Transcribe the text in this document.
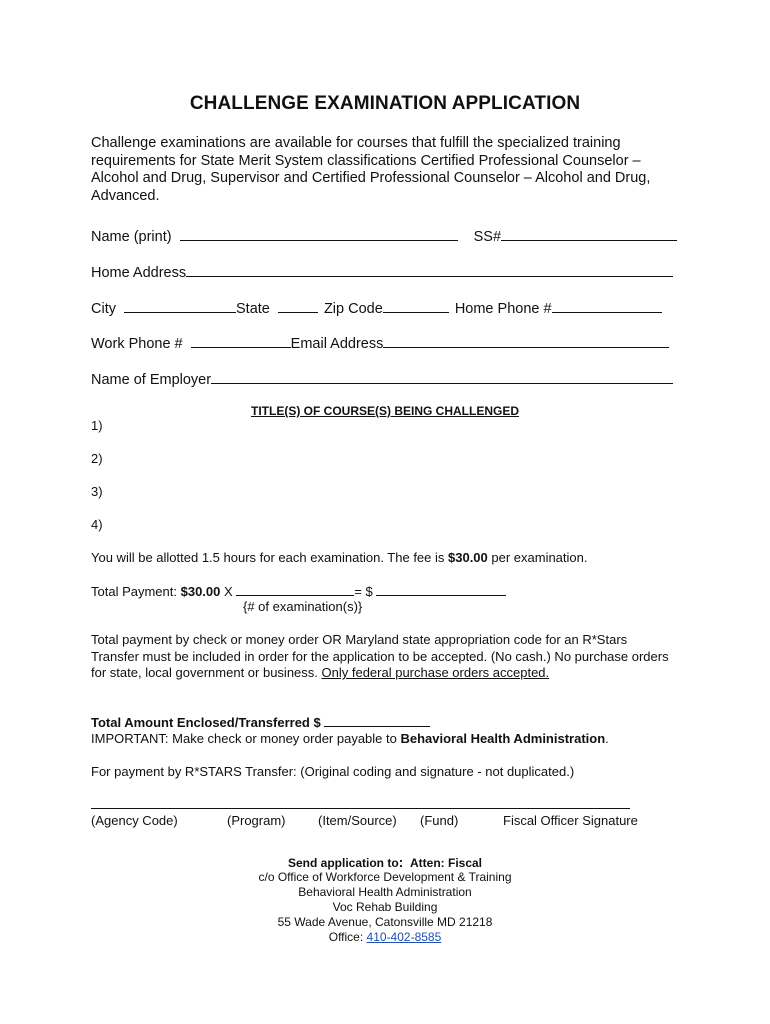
CHALLENGE EXAMINATION APPLICATION

Challenge examinations are available for courses that fulfill the specialized training requirements for State Merit System classifications Certified Professional Counselor – Alcohol and Drug, Supervisor and Certified Professional Counselor – Alcohol and Drug, Advanced.

Name (print)	SS#
Home Address
City	State	Zip Code	Home Phone #
Work Phone #	Email Address
Name of Employer
TITLE(S) OF COURSE(S) BEING CHALLENGED
1)
2)
3)
4)
You will be allotted 1.5 hours for each examination. The fee is $30.00 per examination.
Total Payment: $30.00 X	= $
{# of examination(s)}
Total payment by check or money order OR Maryland state appropriation code for an R*Stars Transfer must be included in order for the application to be accepted. (No cash.) No purchase orders for state, local government or business. Only federal purchase orders accepted.
Total Amount Enclosed/Transferred $
IMPORTANT: Make check or money order payable to Behavioral Health Administration.
For payment by R*STARS Transfer: (Original coding and signature - not duplicated.)
(Agency Code)	(Program) (Item/Source) (Fund)	Fiscal Officer Signature
Send application to: Atten: Fiscal
c/o Office of Workforce Development & Training
Behavioral Health Administration
Voc Rehab Building
55 Wade Avenue, Catonsville MD 21218
Office: 410-402-8585
